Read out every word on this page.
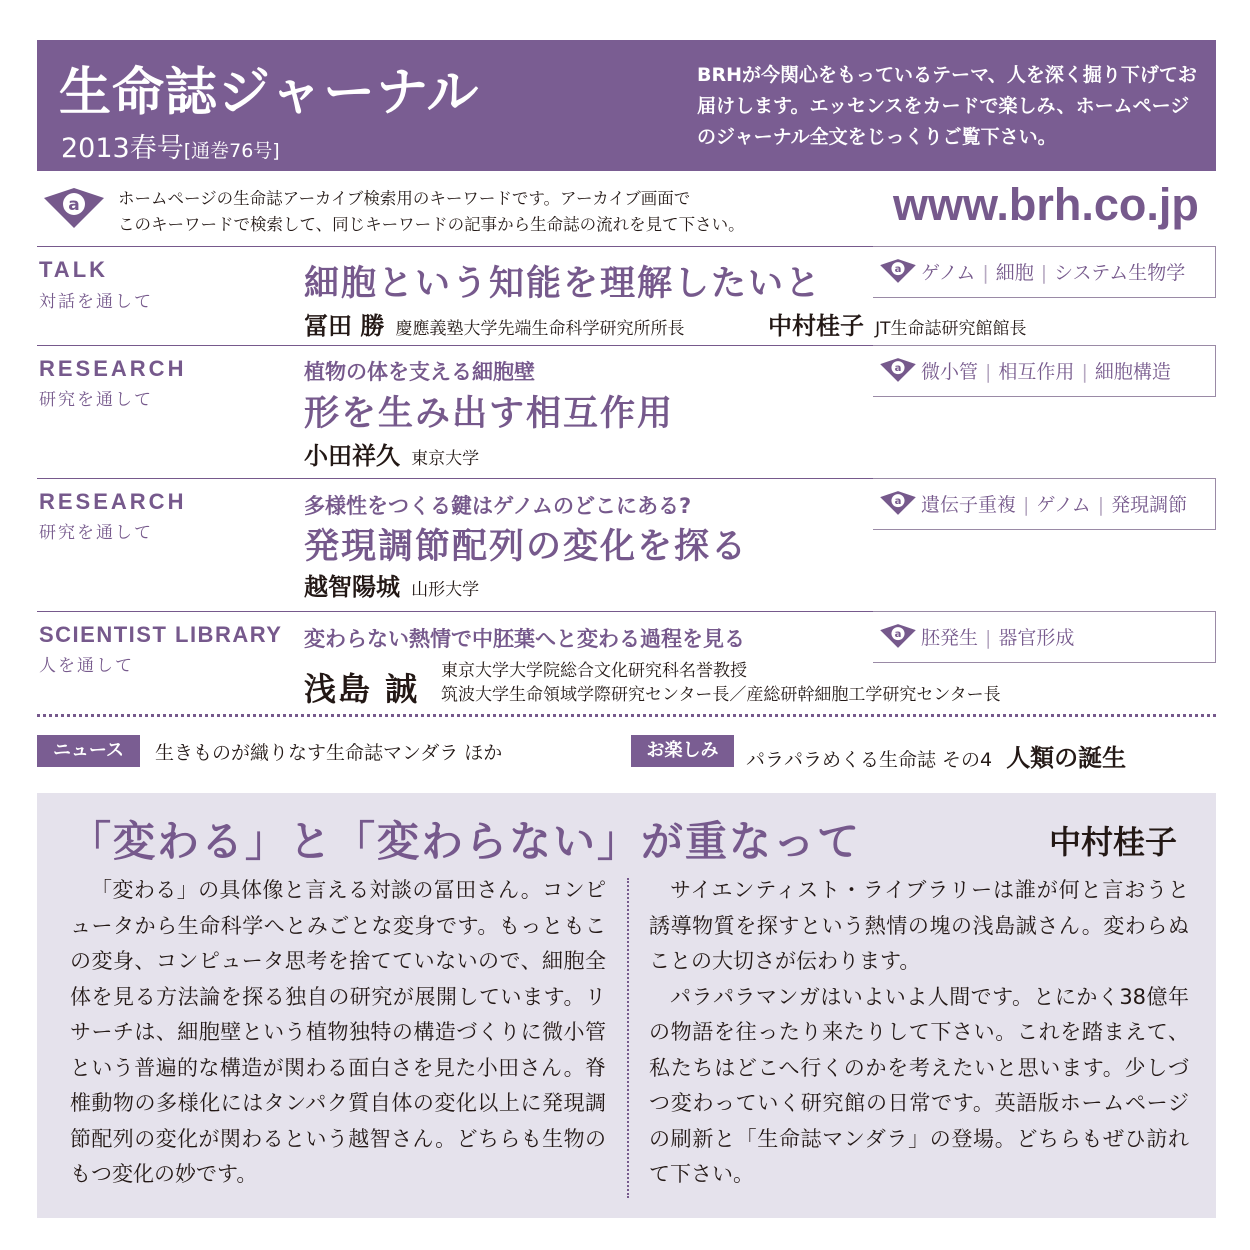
生命誌ジャーナル
2013春号[通巻76号]
BRHが今関心をもっているテーマ、人を深く掘り下げてお届けします。エッセンスをカードで楽しみ、ホームページのジャーナル全文をじっくりご覧下さい。
a ホームページの生命誌アーカイブ検索用のキーワードです。アーカイブ画面で
このキーワードで検索して、同じキーワードの記事から生命誌の流れを見て下さい。	www.brh.co.jp
TALK
対話を通して	細胞という知能を理解したいと
冨田 勝 慶應義塾大学先端生命科学研究所所長	中村桂子 JT生命誌研究館館長
a ゲノム | 細胞 | システム生物学
RESEARCH
研究を通して
植物の体を支える細胞壁
形を生み出す相互作用
小田祥久 東京大学
a 微小管 | 相互作用 | 細胞構造
RESEARCH
研究を通して
多様性をつくる鍵はゲノムのどこにある?
発現調節配列の変化を探る
越智陽城 山形大学
a 遺伝子重複 | ゲノム | 発現調節
SCIENTIST LIBRARY
人を通して
変わらない熱情で中胚葉へと変わる過程を見る
浅島 誠 東京大学大学院総合文化研究科名誉教授
筑波大学生命領域学際研究センター長／産総研幹細胞工学研究センター長
a 胚発生 | 器官形成
ニュース	生きものが織りなす生命誌マンダラ ほか	お楽しみ	パラパラめくる生命誌 その4 人類の誕生
「変わる」と「変わらない」が重なって	中村桂子

「変わる」の具体像と言える対談の冨田さん。コンピュータから生命科学へとみごとな変身です。もっともこの変身、コンピュータ思考を捨てていないので、細胞全体を見る方法論を探る独自の研究が展開しています。リサーチは、細胞壁という植物独特の構造づくりに微小管という普遍的な構造が関わる面白さを見た小田さん。脊椎動物の多様化にはタンパク質自体の変化以上に発現調節配列の変化が関わるという越智さん。どちらも生物のもつ変化の妙です。

サイエンティスト・ライブラリーは誰が何と言おうと誘導物質を探すという熱情の塊の浅島誠さん。変わらぬことの大切さが伝わります。

パラパラマンガはいよいよ人間です。とにかく38億年の物語を往ったり来たりして下さい。これを踏まえて、私たちはどこへ行くのかを考えたいと思います。少しづつ変わっていく研究館の日常です。英語版ホームページの刷新と「生命誌マンダラ」の登場。どちらもぜひ訪れて下さい。
